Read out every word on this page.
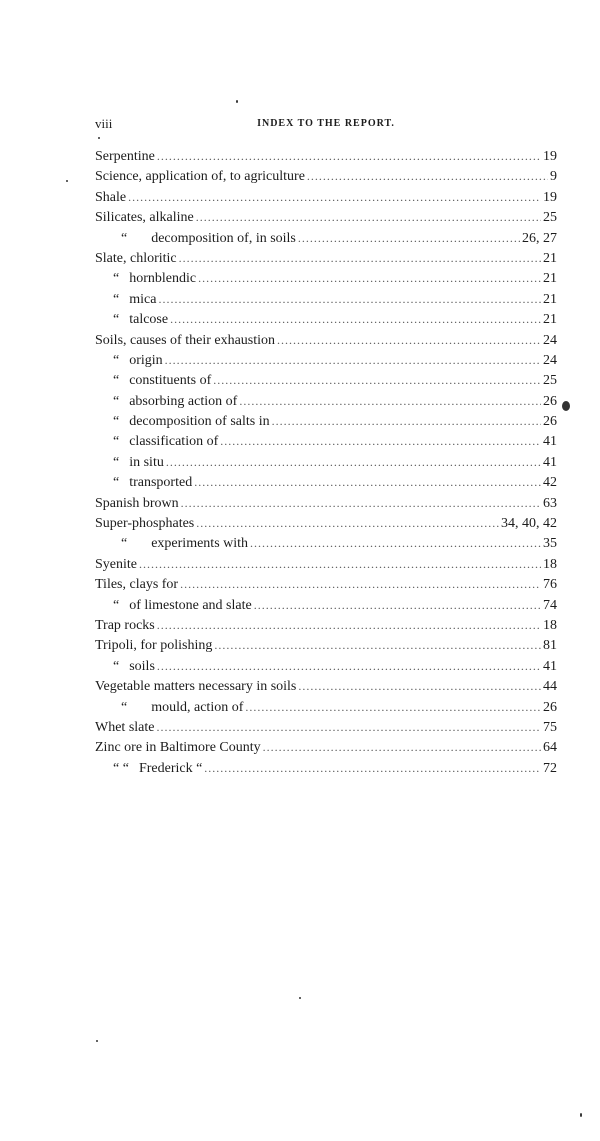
viii	INDEX TO THE REPORT.
Serpentine .....	19
Science, application of, to agriculture .....	9
Shale .....	19
Silicates, alkaline .....	25
“ decomposition of, in soils .....	26, 27
Slate, chloritic .....	21
“ hornblendic .....	21
“ mica .....	21
“ talcose .....	21
Soils, causes of their exhaustion .....	24
“ origin .....	24
“ constituents of .....	25
“ absorbing action of .....	26
“ decomposition of salts in .....	26
“ classification of .....	41
“ in situ .....	41
“ transported .....	42
Spanish brown .....	63
Super-phosphates .....	34, 40, 42
“ experiments with .....	35
Syenite .....	18
Tiles, clays for .....	76
“ of limestone and slate .....	74
Trap rocks .....	18
Tripoli, for polishing .....	81
“ soils .....	41
Vegetable matters necessary in soils .....	44
“ mould, action of .....	26
Whet slate .....	75
Zinc ore in Baltimore County .....	64
“ “ Frederick “ .....	72
